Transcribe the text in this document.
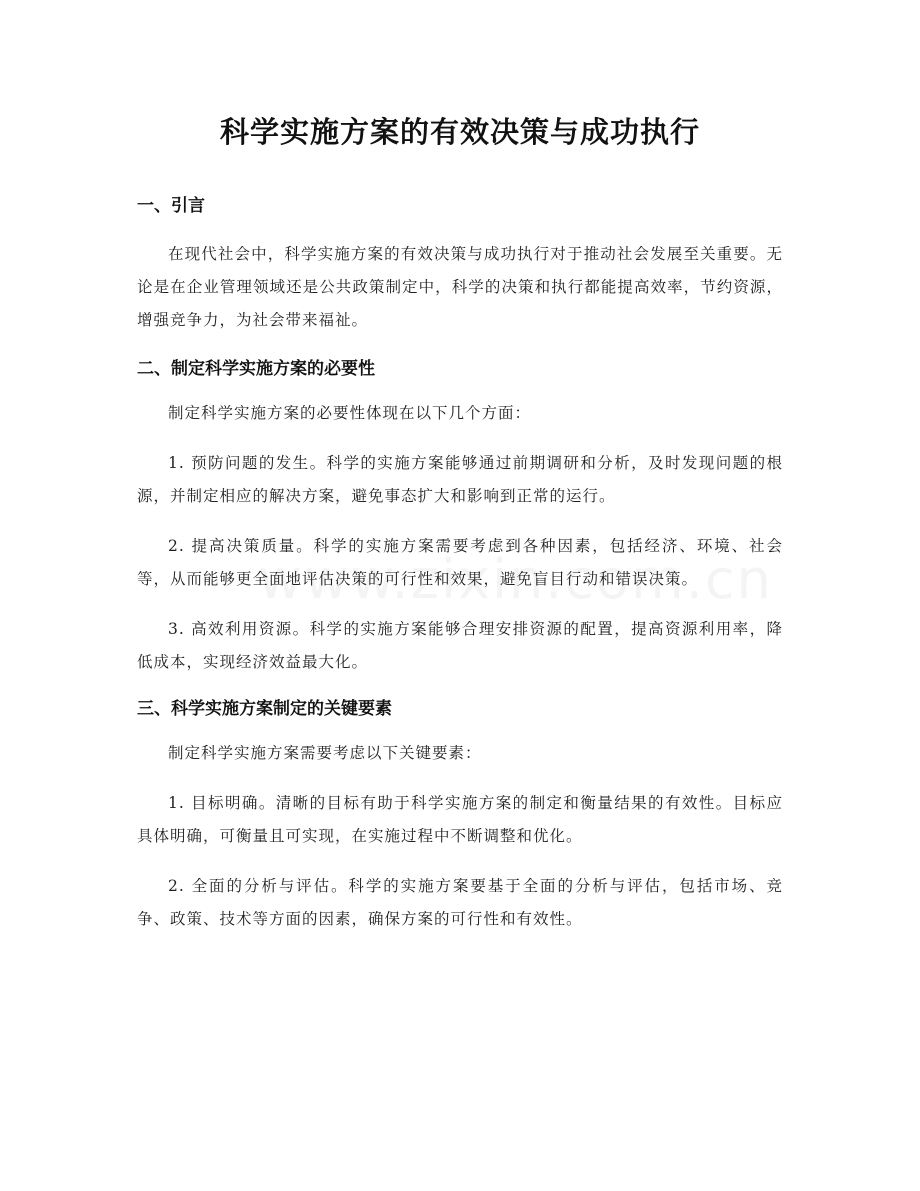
科学实施方案的有效决策与成功执行
一、引言

在现代社会中，科学实施方案的有效决策与成功执行对于推动社会发展至关重要。无论是在企业管理领域还是公共政策制定中，科学的决策和执行都能提高效率，节约资源，增强竞争力，为社会带来福祉。

二、制定科学实施方案的必要性

制定科学实施方案的必要性体现在以下几个方面：

1. 预防问题的发生。科学的实施方案能够通过前期调研和分析，及时发现问题的根源，并制定相应的解决方案，避免事态扩大和影响到正常的运行。

2. 提高决策质量。科学的实施方案需要考虑到各种因素，包括经济、环境、社会等，从而能够更全面地评估决策的可行性和效果，避免盲目行动和错误决策。

3. 高效利用资源。科学的实施方案能够合理安排资源的配置，提高资源利用率，降低成本，实现经济效益最大化。

三、科学实施方案制定的关键要素

制定科学实施方案需要考虑以下关键要素：

1. 目标明确。清晰的目标有助于科学实施方案的制定和衡量结果的有效性。目标应具体明确，可衡量且可实现，在实施过程中不断调整和优化。

2. 全面的分析与评估。科学的实施方案要基于全面的分析与评估，包括市场、竞争、政策、技术等方面的因素，确保方案的可行性和有效性。
